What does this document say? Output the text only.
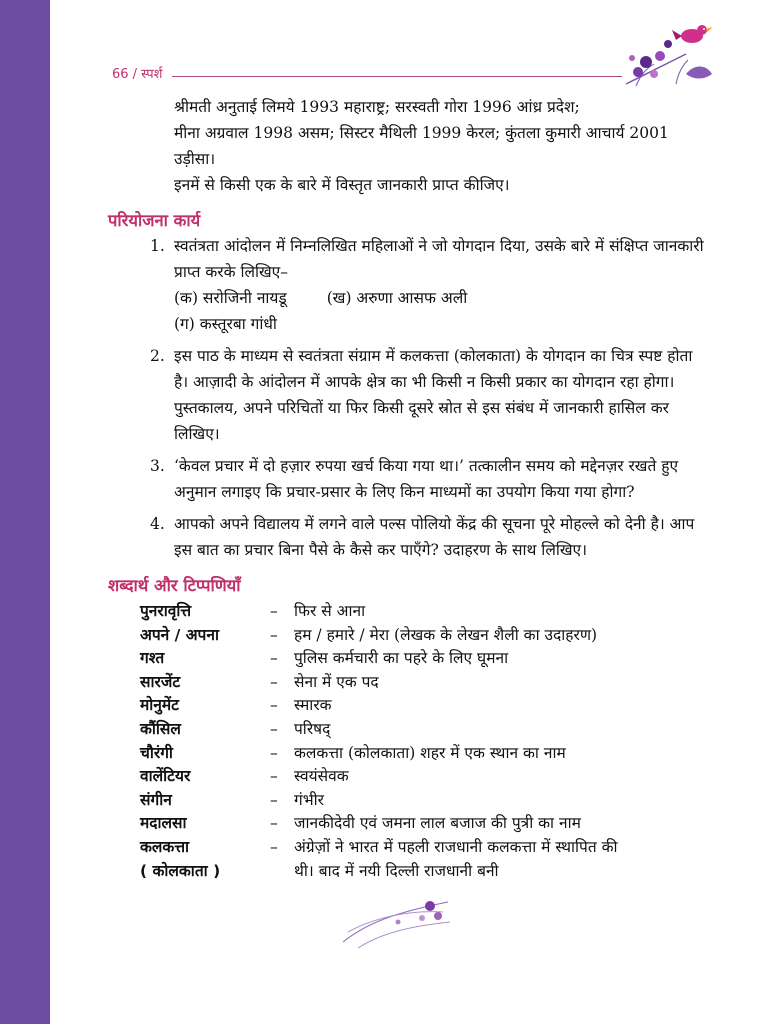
66 / स्पर्श

श्रीमती अनुताई लिमये 1993 महाराष्ट्र; सरस्वती गोरा 1996 आंध्र प्रदेश;

मीना अग्रवाल 1998 असम; सिस्टर मैथिली 1999 केरल; कुंतला कुमारी आचार्य 2001 उड़ीसा।

इनमें से किसी एक के बारे में विस्तृत जानकारी प्राप्त कीजिए।

परियोजना कार्य
1. स्वतंत्रता आंदोलन में निम्नलिखित महिलाओं ने जो योगदान दिया, उसके बारे में संक्षिप्त जानकारी प्राप्त करके लिखिए–
(क) सरोजिनी नायडू	(ख) अरुणा आसफ अली
(ग) कस्तूरबा गांधी
2. इस पाठ के माध्यम से स्वतंत्रता संग्राम में कलकत्ता (कोलकाता) के योगदान का चित्र स्पष्ट होता है। आज़ादी के आंदोलन में आपके क्षेत्र का भी किसी न किसी प्रकार का योगदान रहा होगा। पुस्तकालय, अपने परिचितों या फिर किसी दूसरे स्रोत से इस संबंध में जानकारी हासिल कर लिखिए।
3. ‘केवल प्रचार में दो हज़ार रुपया खर्च किया गया था।’ तत्कालीन समय को मद्देनज़र रखते हुए अनुमान लगाइए कि प्रचार-प्रसार के लिए किन माध्यमों का उपयोग किया गया होगा?
4. आपको अपने विद्यालय में लगने वाले पल्स पोलियो केंद्र की सूचना पूरे मोहल्ले को देनी है। आप इस बात का प्रचार बिना पैसे के कैसे कर पाएँगे? उदाहरण के साथ लिखिए।
शब्दार्थ और टिप्पणियाँ
पुनरावृत्ति	–	फिर से आना
अपने / अपना	–	हम / हमारे / मेरा (लेखक के लेखन शैली का उदाहरण)
गश्त	–	पुलिस कर्मचारी का पहरे के लिए घूमना
सारजेंट	–	सेना में एक पद
मोनुमेंट	–	स्मारक
कौंसिल	–	परिषद्
चौरंगी	–	कलकत्ता (कोलकाता) शहर में एक स्थान का नाम
वालेंटियर	–	स्वयंसेवक
संगीन	–	गंभीर
मदालसा	–	जानकीदेवी एवं जमना लाल बजाज की पुत्री का नाम
कलकत्ता	–	अंग्रेज़ों ने भारत में पहली राजधानी कलकत्ता में स्थापित की
( कोलकाता )	थी। बाद में नयी दिल्ली राजधानी बनी
